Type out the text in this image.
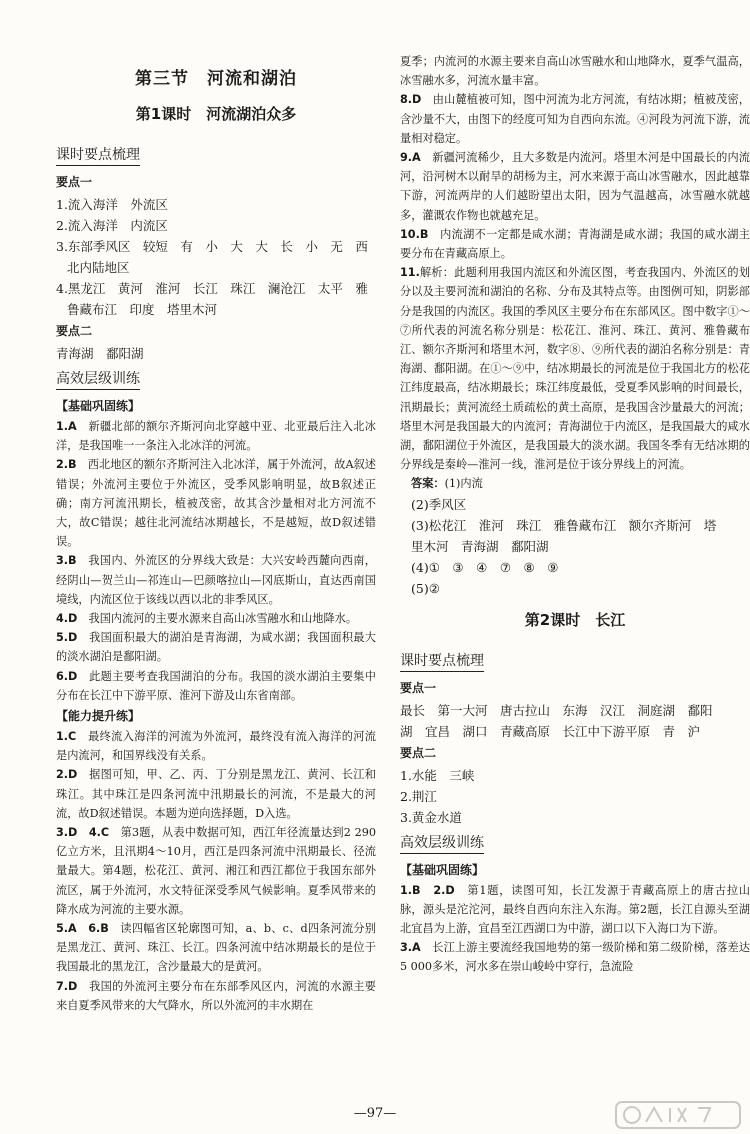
第三节　河流和湖泊
第1课时　河流湖泊众多
课时要点梳理
要点一

1.流入海洋　外流区

2.流入海洋　内流区

3.东部季风区　较短　有　小　大　大　长　小　无　西

北内陆地区

4.黑龙江　黄河　淮河　长江　珠江　澜沧江　太平　雅

鲁藏布江　印度　塔里木河

要点二

青海湖　鄱阳湖

高效层级训练
【基础巩固练】

1.A　新疆北部的额尔齐斯河向北穿越中亚、北亚最后注入北冰洋，是我国唯一一条注入北冰洋的河流。

2.B　西北地区的额尔齐斯河注入北冰洋，属于外流河，故A叙述错误；外流河主要位于外流区，受季风影响明显，故B叙述正确；南方河流汛期长，植被茂密，故其含沙量相对北方河流不大，故C错误；越往北河流结冰期越长，不是越短，故D叙述错误。

3.B　我国内、外流区的分界线大致是：大兴安岭西麓向西南，经阴山—贺兰山—祁连山—巴颜喀拉山—冈底斯山，直达西南国境线，内流区位于该线以西以北的非季风区。

4.D　我国内流河的主要水源来自高山冰雪融水和山地降水。

5.D　我国面积最大的湖泊是青海湖，为咸水湖；我国面积最大的淡水湖泊是鄱阳湖。

6.D　此题主要考查我国湖泊的分布。我国的淡水湖泊主要集中分布在长江中下游平原、淮河下游及山东省南部。

【能力提升练】

1.C　最终流入海洋的河流为外流河，最终没有流入海洋的河流是内流河，和国界线没有关系。

2.D　据图可知，甲、乙、丙、丁分别是黑龙江、黄河、长江和珠江。其中珠江是四条河流中汛期最长的河流，不是最大的河流，故D叙述错误。本题为逆向选择题，D入选。

3.D　4.C　第3题，从表中数据可知，西江年径流量达到2 290亿立方米，且汛期4～10月，西江是四条河流中汛期最长、径流量最大。第4题，松花江、黄河、湘江和西江都位于我国东部外流区，属于外流河，水文特征深受季风气候影响。夏季风带来的降水成为河流的主要水源。

5.A　6.B　读四幅省区轮廓图可知，a、b、c、d四条河流分别是黑龙江、黄河、珠江、长江。四条河流中结冰期最长的是位于我国最北的黑龙江，含沙量最大的是黄河。

7.D　我国的外流河主要分布在东部季风区内，河流的水源主要来自夏季风带来的大气降水，所以外流河的丰水期在

夏季；内流河的水源主要来自高山冰雪融水和山地降水，夏季气温高，冰雪融水多，河流水量丰富。

8.D　由山麓植被可知，图中河流为北方河流，有结冰期；植被茂密，含沙量不大，由图下的经度可知为自西向东流。④河段为河流下游，流量相对稳定。

9.A　新疆河流稀少，且大多数是内流河。塔里木河是中国最长的内流河，沿河树木以耐旱的胡杨为主，河水来源于高山冰雪融水，因此越靠下游，河流两岸的人们越盼望出太阳，因为气温越高，冰雪融水就越多，灌溉农作物也就越充足。

10.B　内流湖不一定都是咸水湖；青海湖是咸水湖；我国的咸水湖主要分布在青藏高原上。

11.解析：此题利用我国内流区和外流区图，考查我国内、外流区的划分以及主要河流和湖泊的名称、分布及其特点等。由图例可知，阴影部分是我国的内流区。我国的季风区主要分布在东部风区。图中数字①～⑦所代表的河流名称分别是：松花江、淮河、珠江、黄河、雅鲁藏布江、额尔齐斯河和塔里木河，数字⑧、⑨所代表的湖泊名称分别是：青海湖、鄱阳湖。在①～⑨中，结冰期最长的河流是位于我国北方的松花江纬度最高，结冰期最长；珠江纬度最低，受夏季风影响的时间最长，汛期最长；黄河流经土质疏松的黄土高原，是我国含沙量最大的河流；塔里木河是我国最大的内流河；青海湖位于内流区，是我国最大的咸水湖，鄱阳湖位于外流区，是我国最大的淡水湖。我国冬季有无结冰期的分界线是秦岭—淮河一线，淮河是位于该分界线上的河流。

答案：(1)内流

(2)季风区

(3)松花江　淮河　珠江　雅鲁藏布江　额尔齐斯河　塔

里木河　青海湖　鄱阳湖

(4)①　③　④　⑦　⑧　⑨

(5)②

第2课时　长江
课时要点梳理
要点一

最长　第一大河　唐古拉山　东海　汉江　洞庭湖　鄱阳

湖　宜昌　湖口　青藏高原　长江中下游平原　青　沪

要点二

1.水能　三峡

2.荆江

3.黄金水道

高效层级训练
【基础巩固练】

1.B　2.D　第1题，读图可知，长江发源于青藏高原上的唐古拉山脉，源头是沱沱河，最终自西向东注入东海。第2题，长江自源头至湖北宜昌为上游，宜昌至江西湖口为中游，湖口以下入海口为下游。

3.A　长江上游主要流经我国地势的第一级阶梯和第二级阶梯，落差达5 000多米，河水多在崇山峻岭中穿行，急流险

—97—
